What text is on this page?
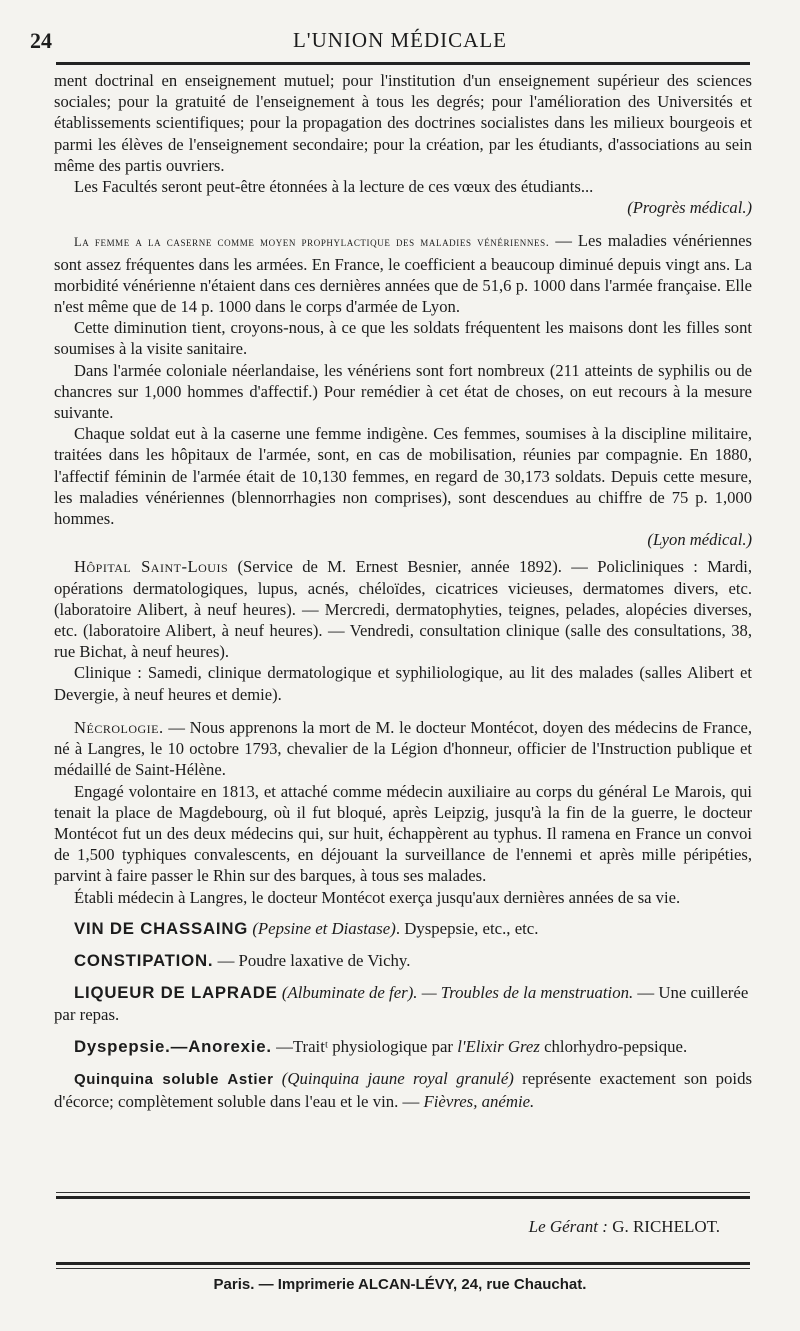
24	L'UNION MÉDICALE

ment doctrinal en enseignement mutuel; pour l'institution d'un enseignement supérieur des sciences sociales; pour la gratuité de l'enseignement à tous les degrés; pour l'amélioration des Universités et établissements scientifiques; pour la propagation des doctrines socialistes dans les milieux bourgeois et parmi les élèves de l'enseignement secondaire; pour la création, par les étudiants, d'associations au sein même des partis ouvriers.

Les Facultés seront peut-être étonnées à la lecture de ces vœux des étudiants...

(Progrès médical.)

La femme a la caserne comme moyen prophylactique des maladies vénériennes. — Les maladies vénériennes sont assez fréquentes dans les armées. En France, le coefficient a beaucoup diminué depuis vingt ans. La morbidité vénérienne n'étaient dans ces dernières années que de 51,6 p. 1000 dans l'armée française. Elle n'est même que de 14 p. 1000 dans le corps d'armée de Lyon.

Cette diminution tient, croyons-nous, à ce que les soldats fréquentent les maisons dont les filles sont soumises à la visite sanitaire.

Dans l'armée coloniale néerlandaise, les vénériens sont fort nombreux (211 atteints de syphilis ou de chancres sur 1,000 hommes d'affectif.) Pour remédier à cet état de choses, on eut recours à la mesure suivante.

Chaque soldat eut à la caserne une femme indigène. Ces femmes, soumises à la discipline militaire, traitées dans les hôpitaux de l'armée, sont, en cas de mobilisation, réunies par compagnie. En 1880, l'affectif féminin de l'armée était de 10,130 femmes, en regard de 30,173 soldats. Depuis cette mesure, les maladies vénériennes (blennorrhagies non comprises), sont descendues au chiffre de 75 p. 1,000 hommes.

(Lyon médical.)

Hôpital Saint-Louis (Service de M. Ernest Besnier, année 1892). — Policliniques : Mardi, opérations dermatologiques, lupus, acnés, chéloïdes, cicatrices vicieuses, dermatomes divers, etc. (laboratoire Alibert, à neuf heures). — Mercredi, dermatophyties, teignes, pelades, alopécies diverses, etc. (laboratoire Alibert, à neuf heures). — Vendredi, consultation clinique (salle des consultations, 38, rue Bichat, à neuf heures).

Clinique : Samedi, clinique dermatologique et syphiliologique, au lit des malades (salles Alibert et Devergie, à neuf heures et demie).

Nécrologie. — Nous apprenons la mort de M. le docteur Montécot, doyen des médecins de France, né à Langres, le 10 octobre 1793, chevalier de la Légion d'honneur, officier de l'Instruction publique et médaillé de Saint-Hélène.

Engagé volontaire en 1813, et attaché comme médecin auxiliaire au corps du général Le Marois, qui tenait la place de Magdebourg, où il fut bloqué, après Leipzig, jusqu'à la fin de la guerre, le docteur Montécot fut un des deux médecins qui, sur huit, échappèrent au typhus. Il ramena en France un convoi de 1,500 typhiques convalescents, en déjouant la surveillance de l'ennemi et après mille péripéties, parvint à faire passer le Rhin sur des barques, à tous ses malades.

Établi médecin à Langres, le docteur Montécot exerça jusqu'aux dernières années de sa vie.

VIN DE CHASSAING (Pepsine et Diastase). Dyspepsie, etc., etc.

CONSTIPATION. — Poudre laxative de Vichy.

LIQUEUR DE LAPRADE (Albuminate de fer). — Troubles de la menstruation. — Une cuillerée par repas.

Dyspepsie.—Anorexie. —Traitᵗ physiologique par l'Elixir Grez chlorhydro-pepsique.

Quinquina soluble Astier (Quinquina jaune royal granulé) représente exactement son poids d'écorce; complètement soluble dans l'eau et le vin. — Fièvres, anémie.

Le Gérant : G. RICHELOT.
Paris. — Imprimerie ALCAN-LÉVY, 24, rue Chauchat.
